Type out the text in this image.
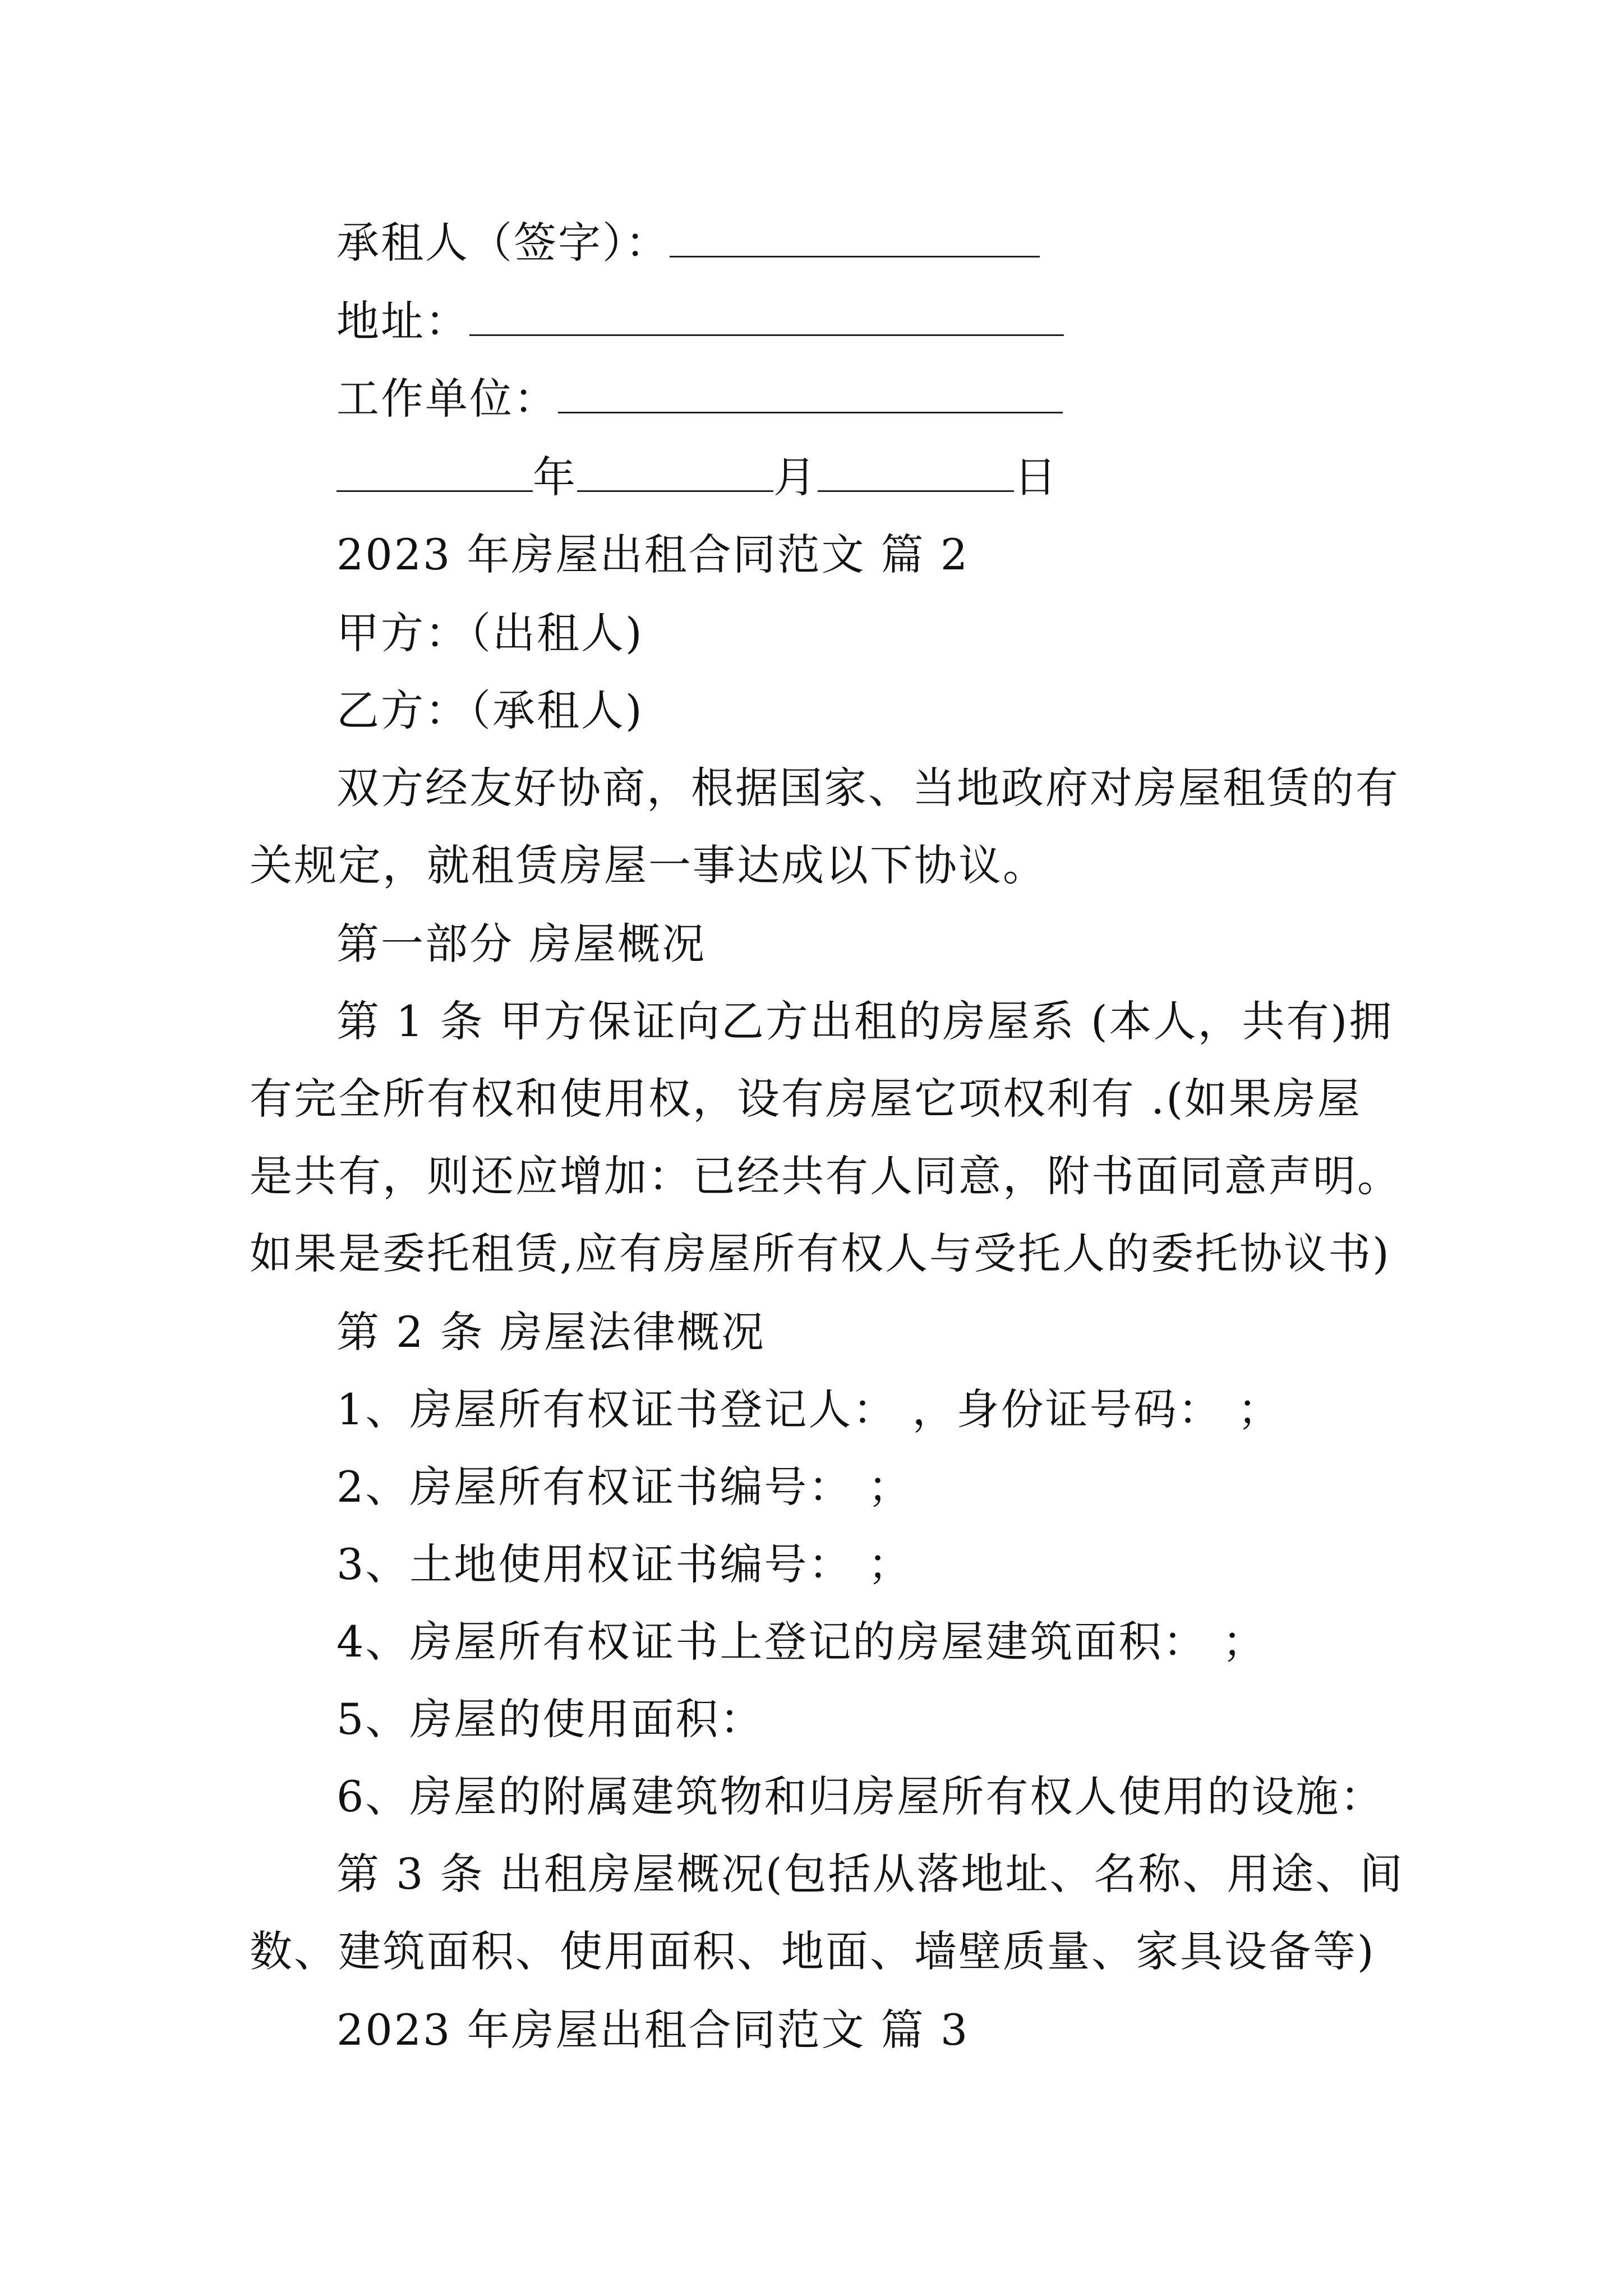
承租人（签字）：
地址：
工作单位：
年	月	日
2023 年房屋出租合同范文 篇 2
甲方：（出租人)
乙方：（承租人)
双方经友好协商，根据国家、当地政府对房屋租赁的有
关规定，就租赁房屋一事达成以下协议。
第一部分 房屋概况
第 1 条 甲方保证向乙方出租的房屋系 (本人，共有)拥
有完全所有权和使用权，设有房屋它项权利有 .(如果房屋
是共有，则还应增加：已经共有人同意，附书面同意声明。
如果是委托租赁,应有房屋所有权人与受托人的委托协议书)
第 2 条 房屋法律概况
1、房屋所有权证书登记人： ，身份证号码： ；
2、房屋所有权证书编号： ；
3、土地使用权证书编号： ；
4、房屋所有权证书上登记的房屋建筑面积： ；
5、房屋的使用面积：
6、房屋的附属建筑物和归房屋所有权人使用的设施：
第 3 条 出租房屋概况(包括从落地址、名称、用途、间
数、建筑面积、使用面积、地面、墙壁质量、家具设备等)
2023 年房屋出租合同范文 篇 3
